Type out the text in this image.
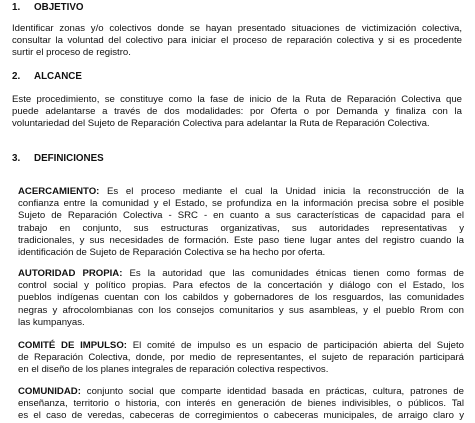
1. OBJETIVO
Identificar zonas y/o colectivos donde se hayan presentado situaciones de victimización colectiva,
consultar la voluntad del colectivo para iniciar el proceso de reparación colectiva y si es procedente
surtir el proceso de registro.
2. ALCANCE
Este procedimiento, se constituye como la fase de inicio de la Ruta de Reparación Colectiva que
puede adelantarse a través de dos modalidades: por Oferta o por Demanda y finaliza con la
voluntariedad del Sujeto de Reparación Colectiva para adelantar la Ruta de Reparación Colectiva.
3. DEFINICIONES
ACERCAMIENTO: Es el proceso mediante el cual la Unidad inicia la reconstrucción de la
confianza entre la comunidad y el Estado, se profundiza en la información precisa sobre el posible
Sujeto de Reparación Colectiva - SRC - en cuanto a sus características de capacidad para el
trabajo en conjunto, sus estructuras organizativas, sus autoridades representativas y
tradicionales, y sus necesidades de formación. Este paso tiene lugar antes del registro cuando la
identificación de Sujeto de Reparación Colectiva se ha hecho por oferta.
AUTORIDAD PROPIA: Es la autoridad que las comunidades étnicas tienen como formas de
control social y político propias. Para efectos de la concertación y diálogo con el Estado, los
pueblos indígenas cuentan con los cabildos y gobernadores de los resguardos, las comunidades
negras y afrocolombianas con los consejos comunitarios y sus asambleas, y el pueblo Rrom con
las kumpanyas.
COMITÉ DE IMPULSO: El comité de impulso es un espacio de participación abierta del Sujeto
de Reparación Colectiva, donde, por medio de representantes, el sujeto de reparación participará
en el diseño de los planes integrales de reparación colectiva respectivos.
COMUNIDAD: conjunto social que comparte identidad basada en prácticas, cultura, patrones de
enseñanza, territorio o historia, con interés en generación de bienes indivisibles, o públicos. Tal
es el caso de veredas, cabeceras de corregimientos o cabeceras municipales, de arraigo claro y
